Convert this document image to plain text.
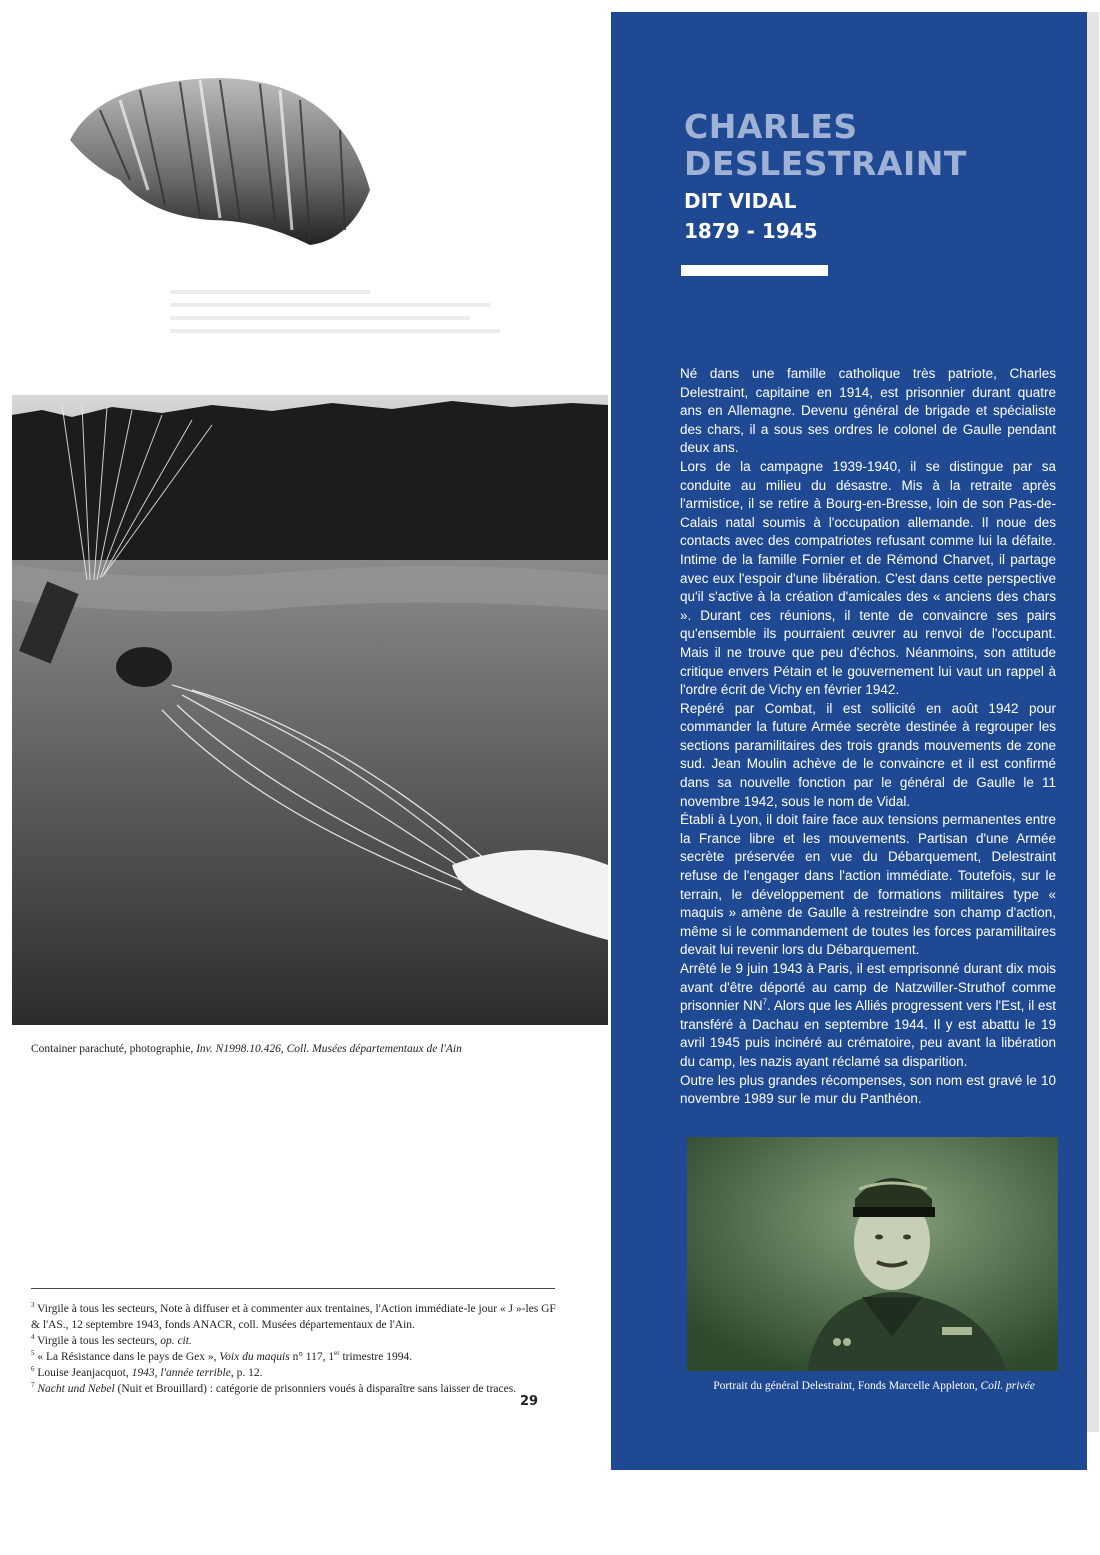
Container parachuté, photographie, Inv. N1998.10.426, Coll. Musées départementaux de l'Ain
$^3$ Virgile à tous les secteurs, Note à diffuser et à commenter aux trentaines, l'Action immédiate-le jour « J »-les GF & l'AS., 12 septembre 1943, fonds ANACR, coll. Musées départementaux de l'Ain.
$^4$ Virgile à tous les secteurs, op. cit.
$^5$ « La Résistance dans le pays de Gex », Voix du maquis n° 117, 1er trimestre 1994.
$^6$ Louise Jeanjacquot, 1943, l'année terrible, p. 12.
$^7$ Nacht und Nebel (Nuit et Brouillard) : catégorie de prisonniers voués à disparaître sans laisser de traces.
29
CHARLES
DESLESTRAINT
DIT VIDAL
1879 - 1945

Né dans une famille catholique très patriote, Charles Delestraint, capitaine en 1914, est prisonnier durant quatre ans en Allemagne. Devenu général de brigade et spécialiste des chars, il a sous ses ordres le colonel de Gaulle pendant deux ans.

Lors de la campagne 1939-1940, il se distingue par sa conduite au milieu du désastre. Mis à la retraite après l'armistice, il se retire à Bourg-en-Bresse, loin de son Pas-de-Calais natal soumis à l'occupation allemande. Il noue des contacts avec des compatriotes refusant comme lui la défaite. Intime de la famille Fornier et de Rémond Charvet, il partage avec eux l'espoir d'une libération. C'est dans cette perspective qu'il s'active à la création d'amicales des « anciens des chars ». Durant ces réunions, il tente de convaincre ses pairs qu'ensemble ils pourraient œuvrer au renvoi de l'occupant. Mais il ne trouve que peu d'échos. Néanmoins, son attitude critique envers Pétain et le gouvernement lui vaut un rappel à l'ordre écrit de Vichy en février 1942.

Repéré par Combat, il est sollicité en août 1942 pour commander la future Armée secrète destinée à regrouper les sections paramilitaires des trois grands mouvements de zone sud. Jean Moulin achève de le convaincre et il est confirmé dans sa nouvelle fonction par le général de Gaulle le 11 novembre 1942, sous le nom de Vidal.

Établi à Lyon, il doit faire face aux tensions permanentes entre la France libre et les mouvements. Partisan d'une Armée secrète préservée en vue du Débarquement, Delestraint refuse de l'engager dans l'action immédiate. Toutefois, sur le terrain, le développement de formations militaires type « maquis » amène de Gaulle à restreindre son champ d'action, même si le commandement de toutes les forces paramilitaires devait lui revenir lors du Débarquement.

Arrêté le 9 juin 1943 à Paris, il est emprisonné durant dix mois avant d'être déporté au camp de Natzwiller-Struthof comme prisonnier $NN^7$. Alors que les Alliés progressent vers l'Est, il est transféré à Dachau en septembre 1944. Il y est abattu le 19 avril 1945 puis incinéré au crématoire, peu avant la libération du camp, les nazis ayant réclamé sa disparition.

Outre les plus grandes récompenses, son nom est gravé le 10 novembre 1989 sur le mur du Panthéon.

Portrait du général Delestraint, Fonds Marcelle Appleton, Coll. privée
